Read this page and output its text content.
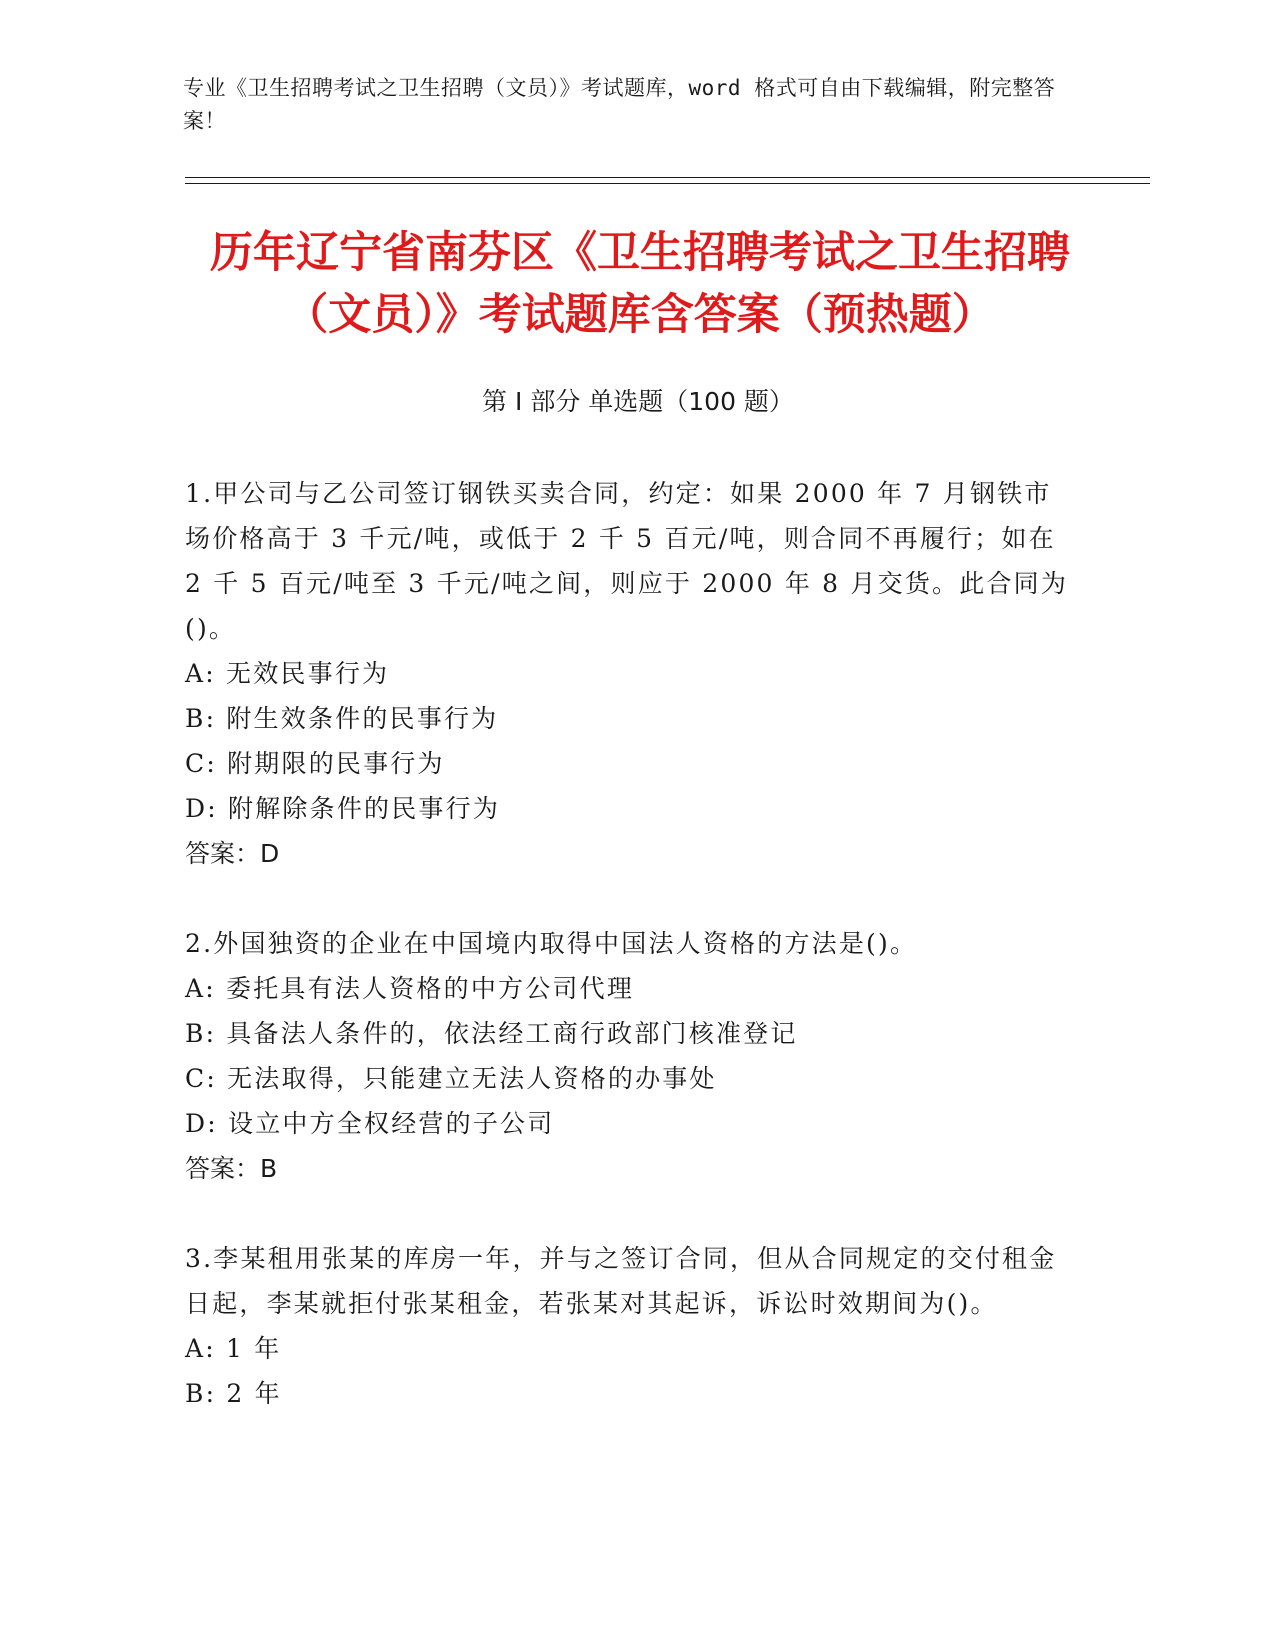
专业《卫生招聘考试之卫生招聘（文员）》考试题库，word 格式可自由下载编辑，附完整答案！
历年辽宁省南芬区《卫生招聘考试之卫生招聘（文员）》考试题库含答案（预热题）
第 I 部分 单选题（100 题）

1.甲公司与乙公司签订钢铁买卖合同，约定：如果 2000 年 7 月钢铁市场价格高于 3 千元/吨，或低于 2 千 5 百元/吨，则合同不再履行；如在 2 千 5 百元/吨至 3 千元/吨之间，则应于 2000 年 8 月交货。此合同为()。

A: 无效民事行为

B: 附生效条件的民事行为

C: 附期限的民事行为

D: 附解除条件的民事行为

答案：D

2.外国独资的企业在中国境内取得中国法人资格的方法是()。

A: 委托具有法人资格的中方公司代理

B: 具备法人条件的，依法经工商行政部门核准登记

C: 无法取得，只能建立无法人资格的办事处

D: 设立中方全权经营的子公司

答案：B

3.李某租用张某的库房一年，并与之签订合同，但从合同规定的交付租金日起，李某就拒付张某租金，若张某对其起诉，诉讼时效期间为()。

A: 1 年

B: 2 年
